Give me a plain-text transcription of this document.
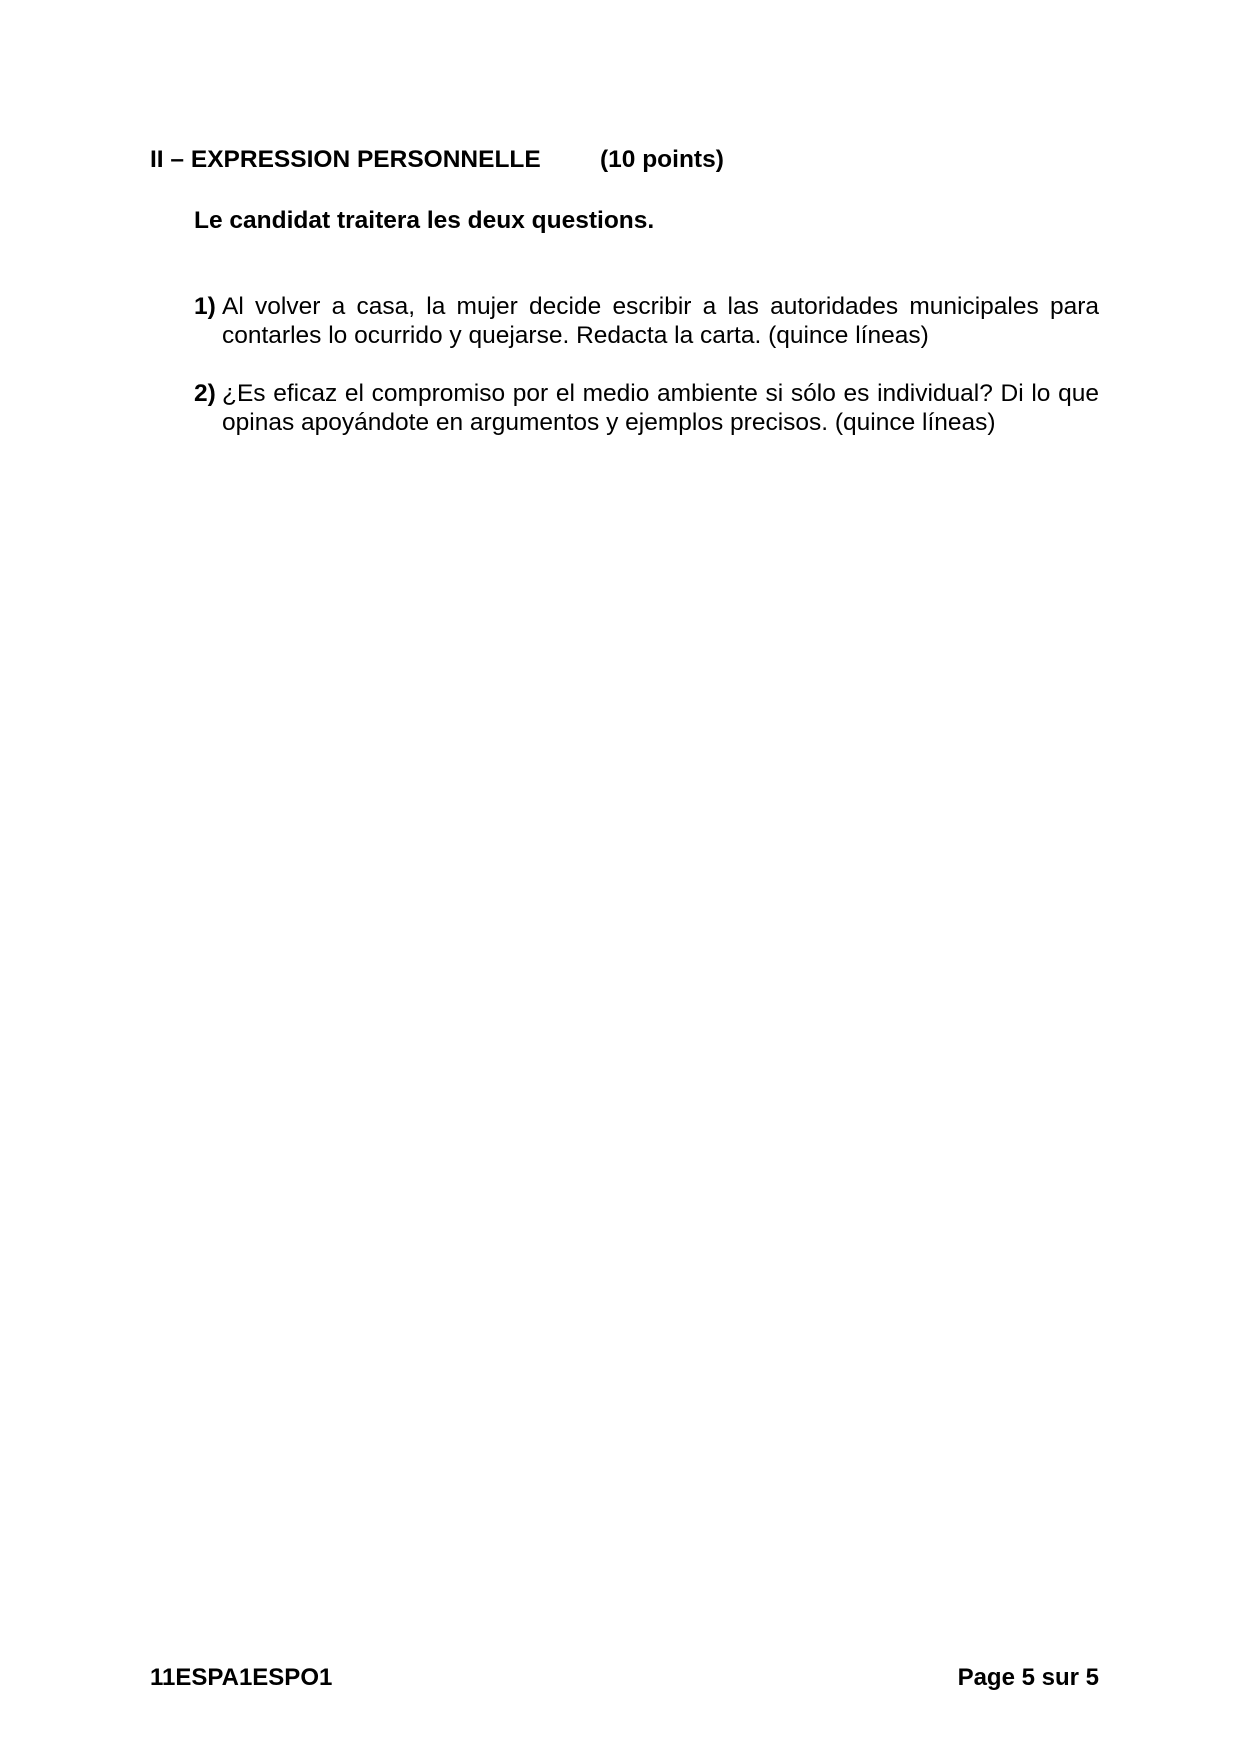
II – EXPRESSION PERSONNELLE (10 points)
Le candidat traitera les deux questions.
1) Al volver a casa, la mujer decide escribir a las autoridades municipales para contarles lo ocurrido y quejarse. Redacta la carta. (quince líneas)
2) ¿Es eficaz el compromiso por el medio ambiente si sólo es individual? Di lo que opinas apoyándote en argumentos y ejemplos precisos. (quince líneas)
11ESPA1ESPO1	Page 5 sur 5
